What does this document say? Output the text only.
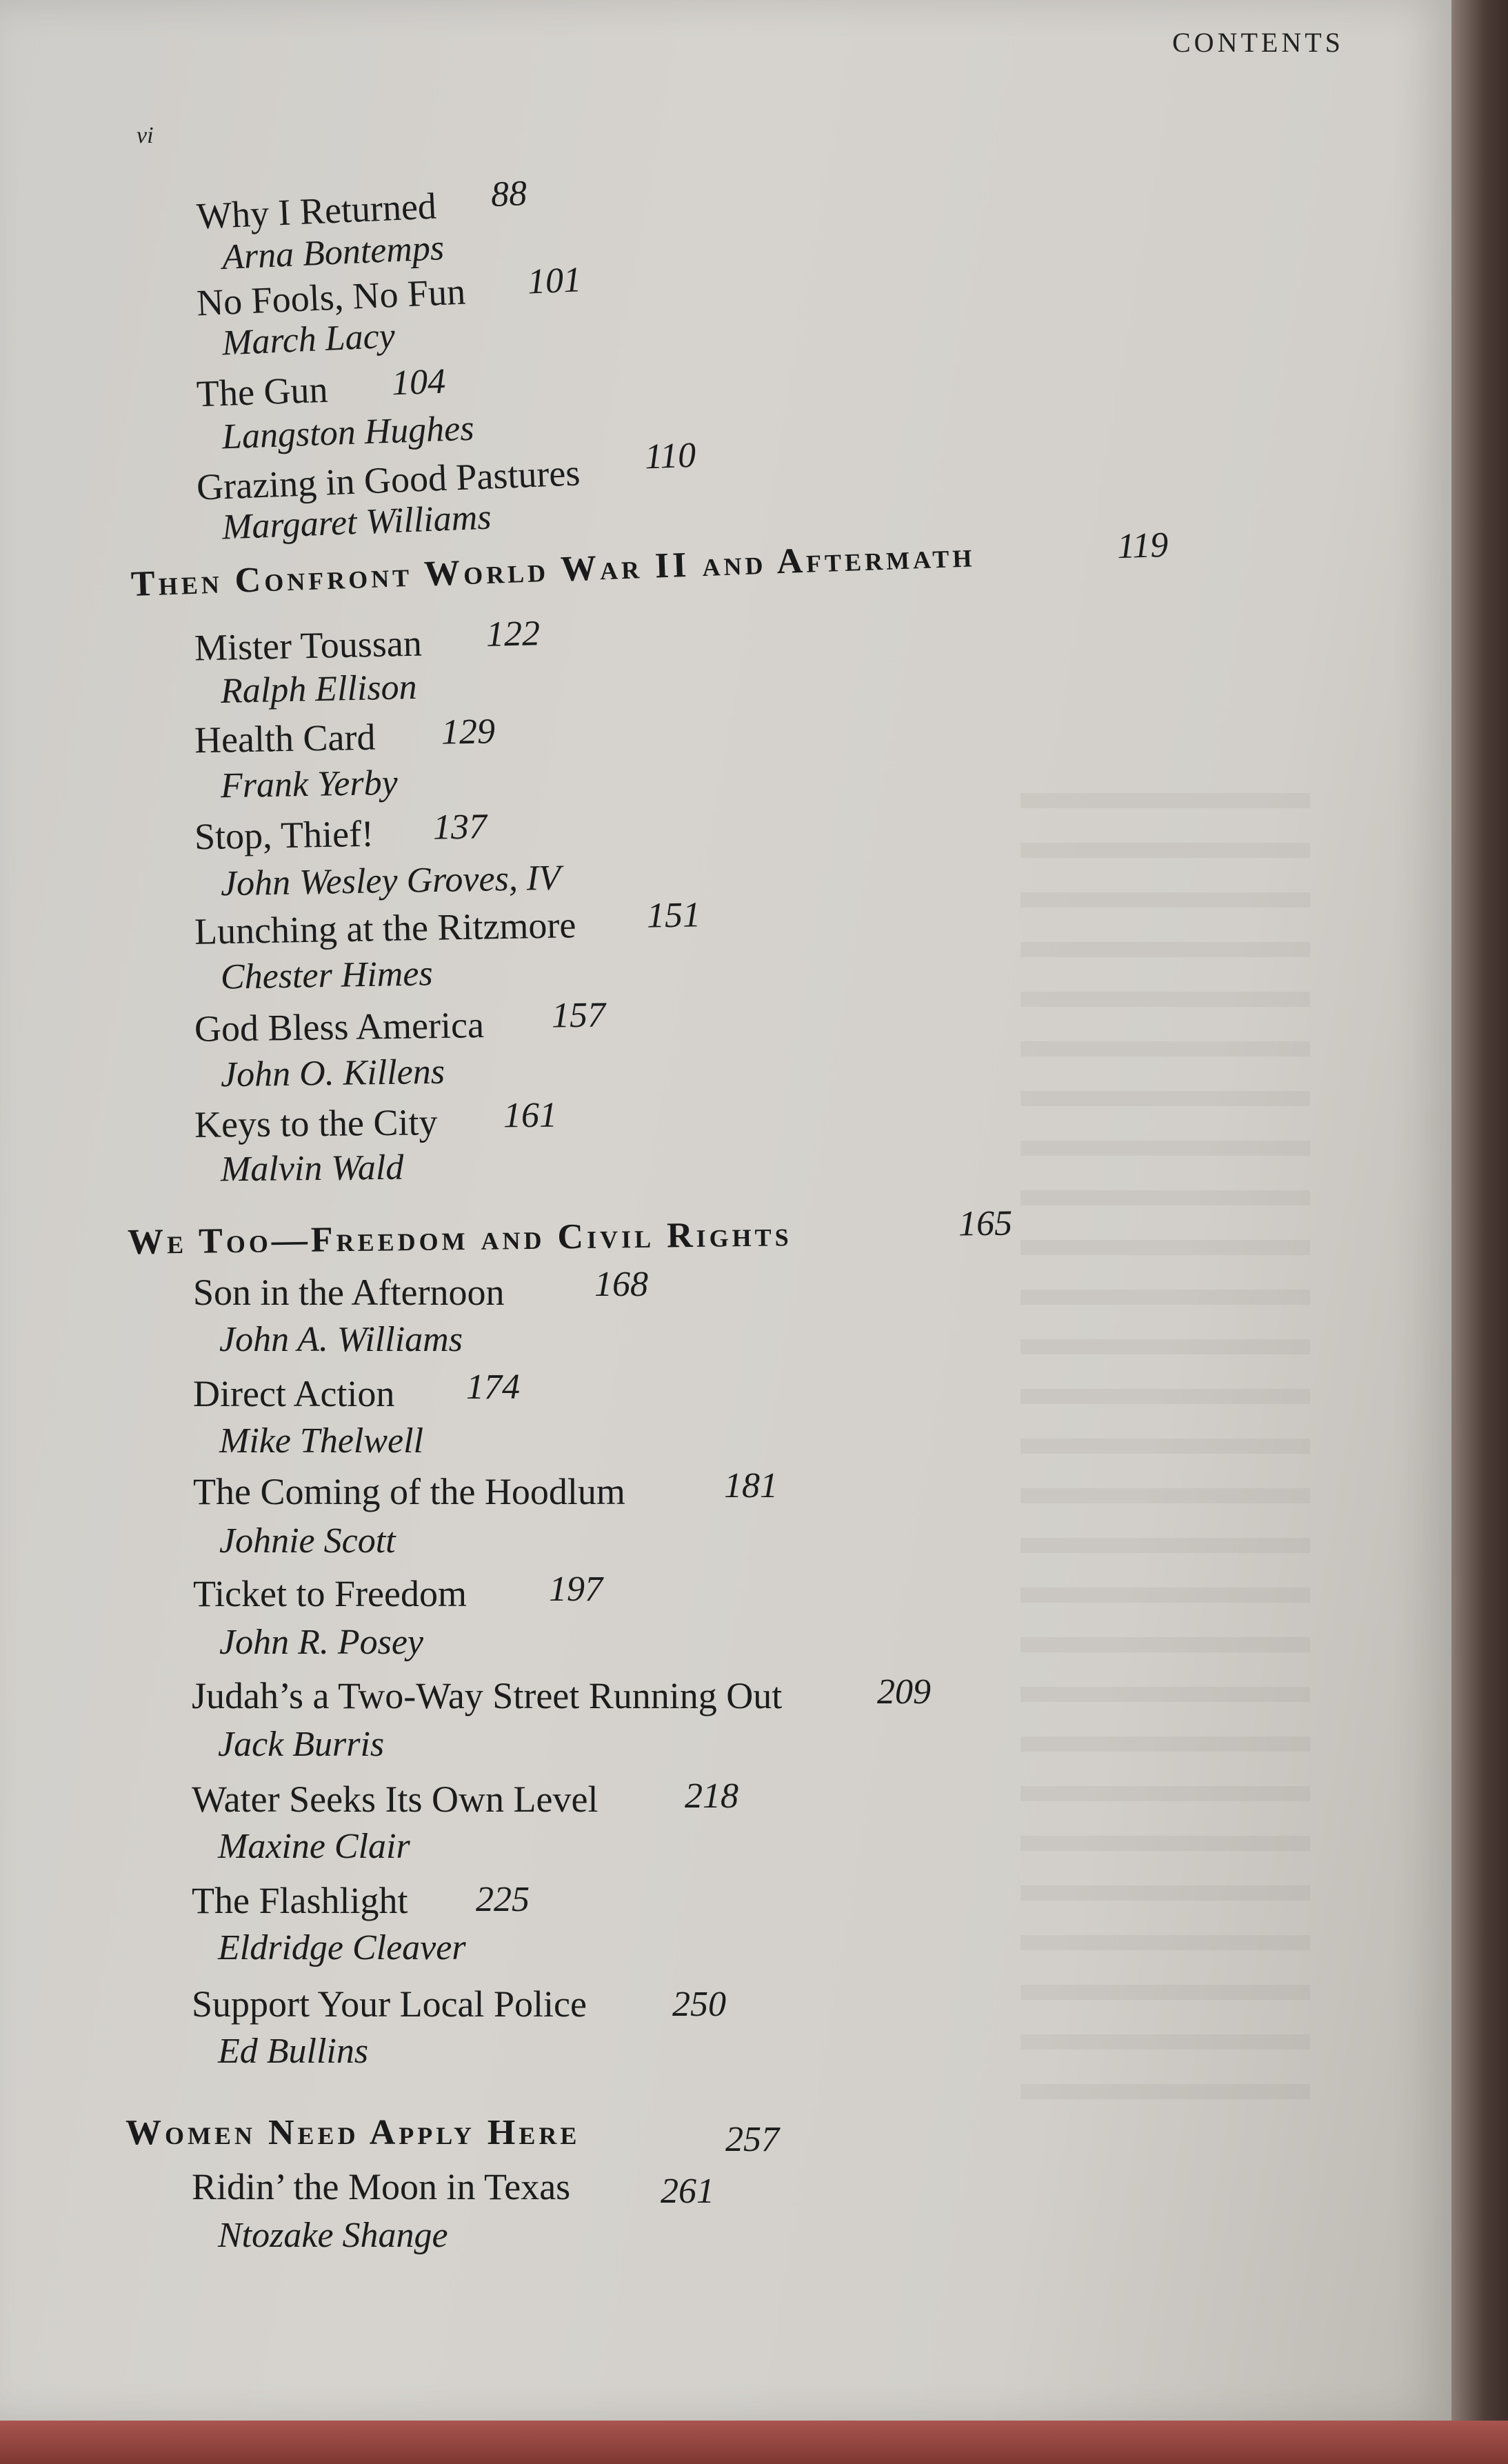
CONTENTS
vi
Why I Returned 88
Arna Bontemps
No Fools, No Fun 101
March Lacy
The Gun 104
Langston Hughes
Grazing in Good Pastures 110
Margaret Williams
Then Confront World War II and Aftermath	119
Mister Toussan 122
Ralph Ellison
Health Card 129
Frank Yerby
Stop, Thief! 137
John Wesley Groves, IV
Lunching at the Ritzmore 151
Chester Himes
God Bless America 157
John O. Killens
Keys to the City 161
Malvin Wald
We Too—Freedom and Civil Rights	165
Son in the Afternoon	168
John A. Williams
Direct Action 174
Mike Thelwell
The Coming of the Hoodlum	181
Johnie Scott
Ticket to Freedom 197
John R. Posey
Judah’s a Two-Way Street Running Out	209
Jack Burris
Water Seeks Its Own Level 218
Maxine Clair
The Flashlight 225
Eldridge Cleaver
Support Your Local Police 250
Ed Bullins
Women Need Apply Here	257
Ridin’ the Moon in Texas	261
Ntozake Shange
